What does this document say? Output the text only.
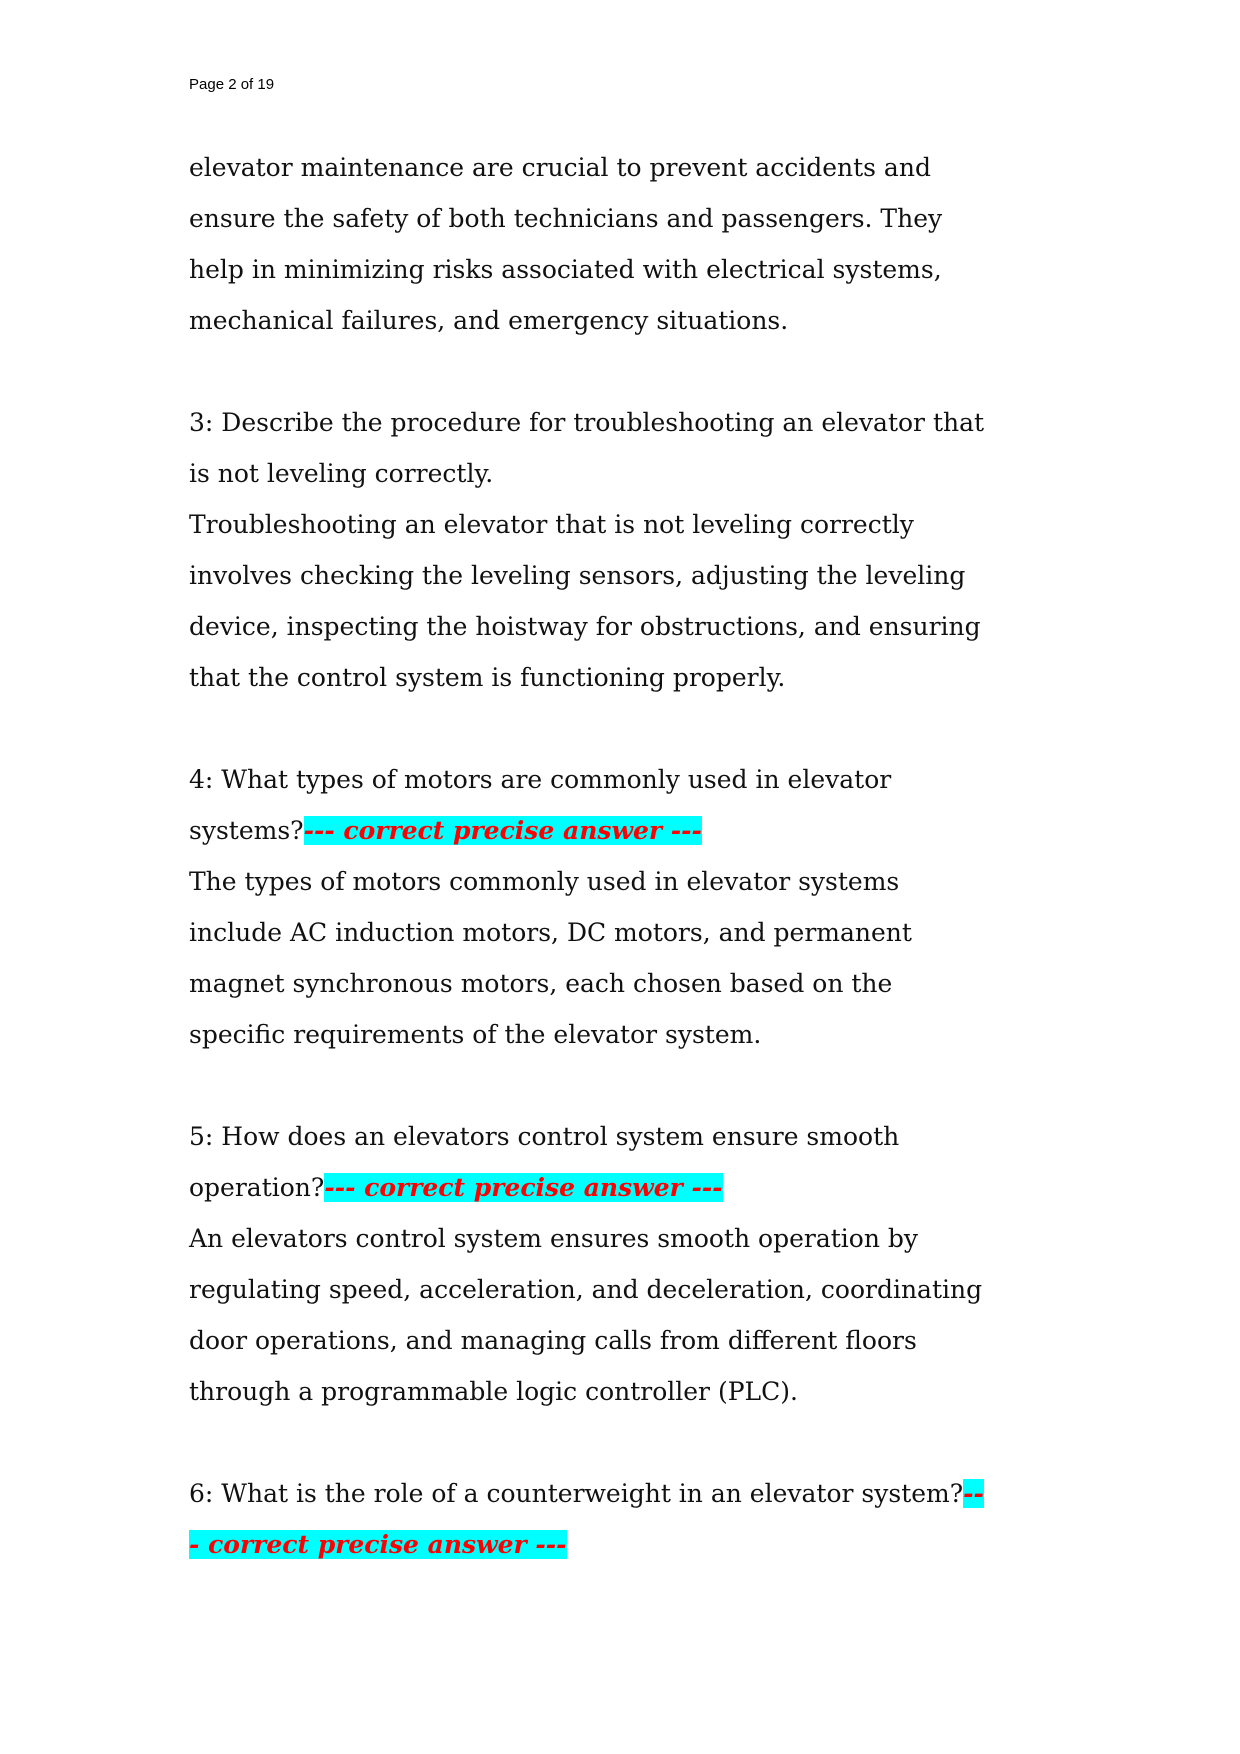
Page 2 of 19
elevator maintenance are crucial to prevent accidents and
ensure the safety of both technicians and passengers. They
help in minimizing risks associated with electrical systems,
mechanical failures, and emergency situations.
3: Describe the procedure for troubleshooting an elevator that
is not leveling correctly.
Troubleshooting an elevator that is not leveling correctly
involves checking the leveling sensors, adjusting the leveling
device, inspecting the hoistway for obstructions, and ensuring
that the control system is functioning properly.
4: What types of motors are commonly used in elevator
systems?--- correct precise answer ---
The types of motors commonly used in elevator systems
include AC induction motors, DC motors, and permanent
magnet synchronous motors, each chosen based on the
specific requirements of the elevator system.
5: How does an elevators control system ensure smooth
operation?--- correct precise answer ---
An elevators control system ensures smooth operation by
regulating speed, acceleration, and deceleration, coordinating
door operations, and managing calls from different floors
through a programmable logic controller (PLC).
6: What is the role of a counterweight in an elevator system?--
- correct precise answer ---
